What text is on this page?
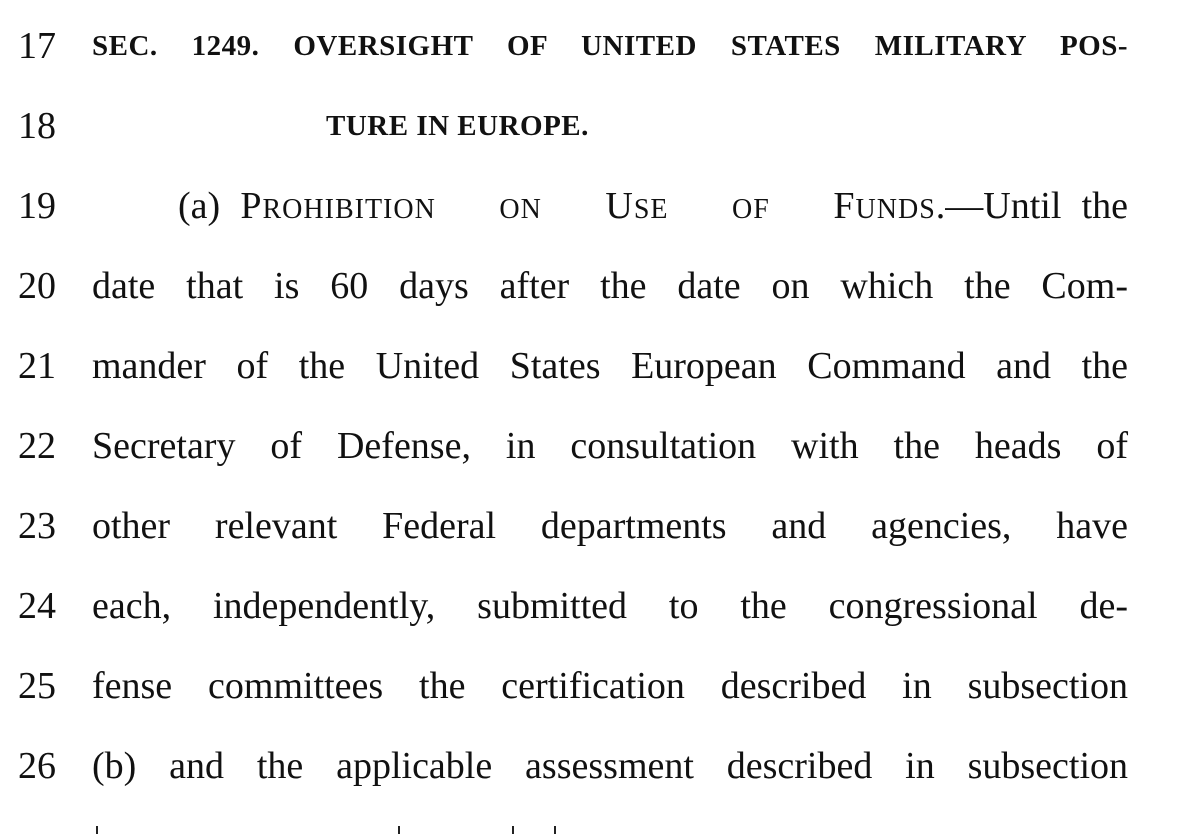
17	SEC. 1249. OVERSIGHT OF UNITED STATES MILITARY POS-
18	TURE IN EUROPE.
19	(a) PROHIBITION ON USE OF FUNDS.—Until the
20 date that is 60 days after the date on which the Com-
21 mander of the United States European Command and the
22 Secretary of Defense, in consultation with the heads of
23 other relevant Federal departments and agencies, have
24 each, independently, submitted to the congressional de-
25 fense committees the certification described in subsection
26 (b) and the applicable assessment described in subsection
